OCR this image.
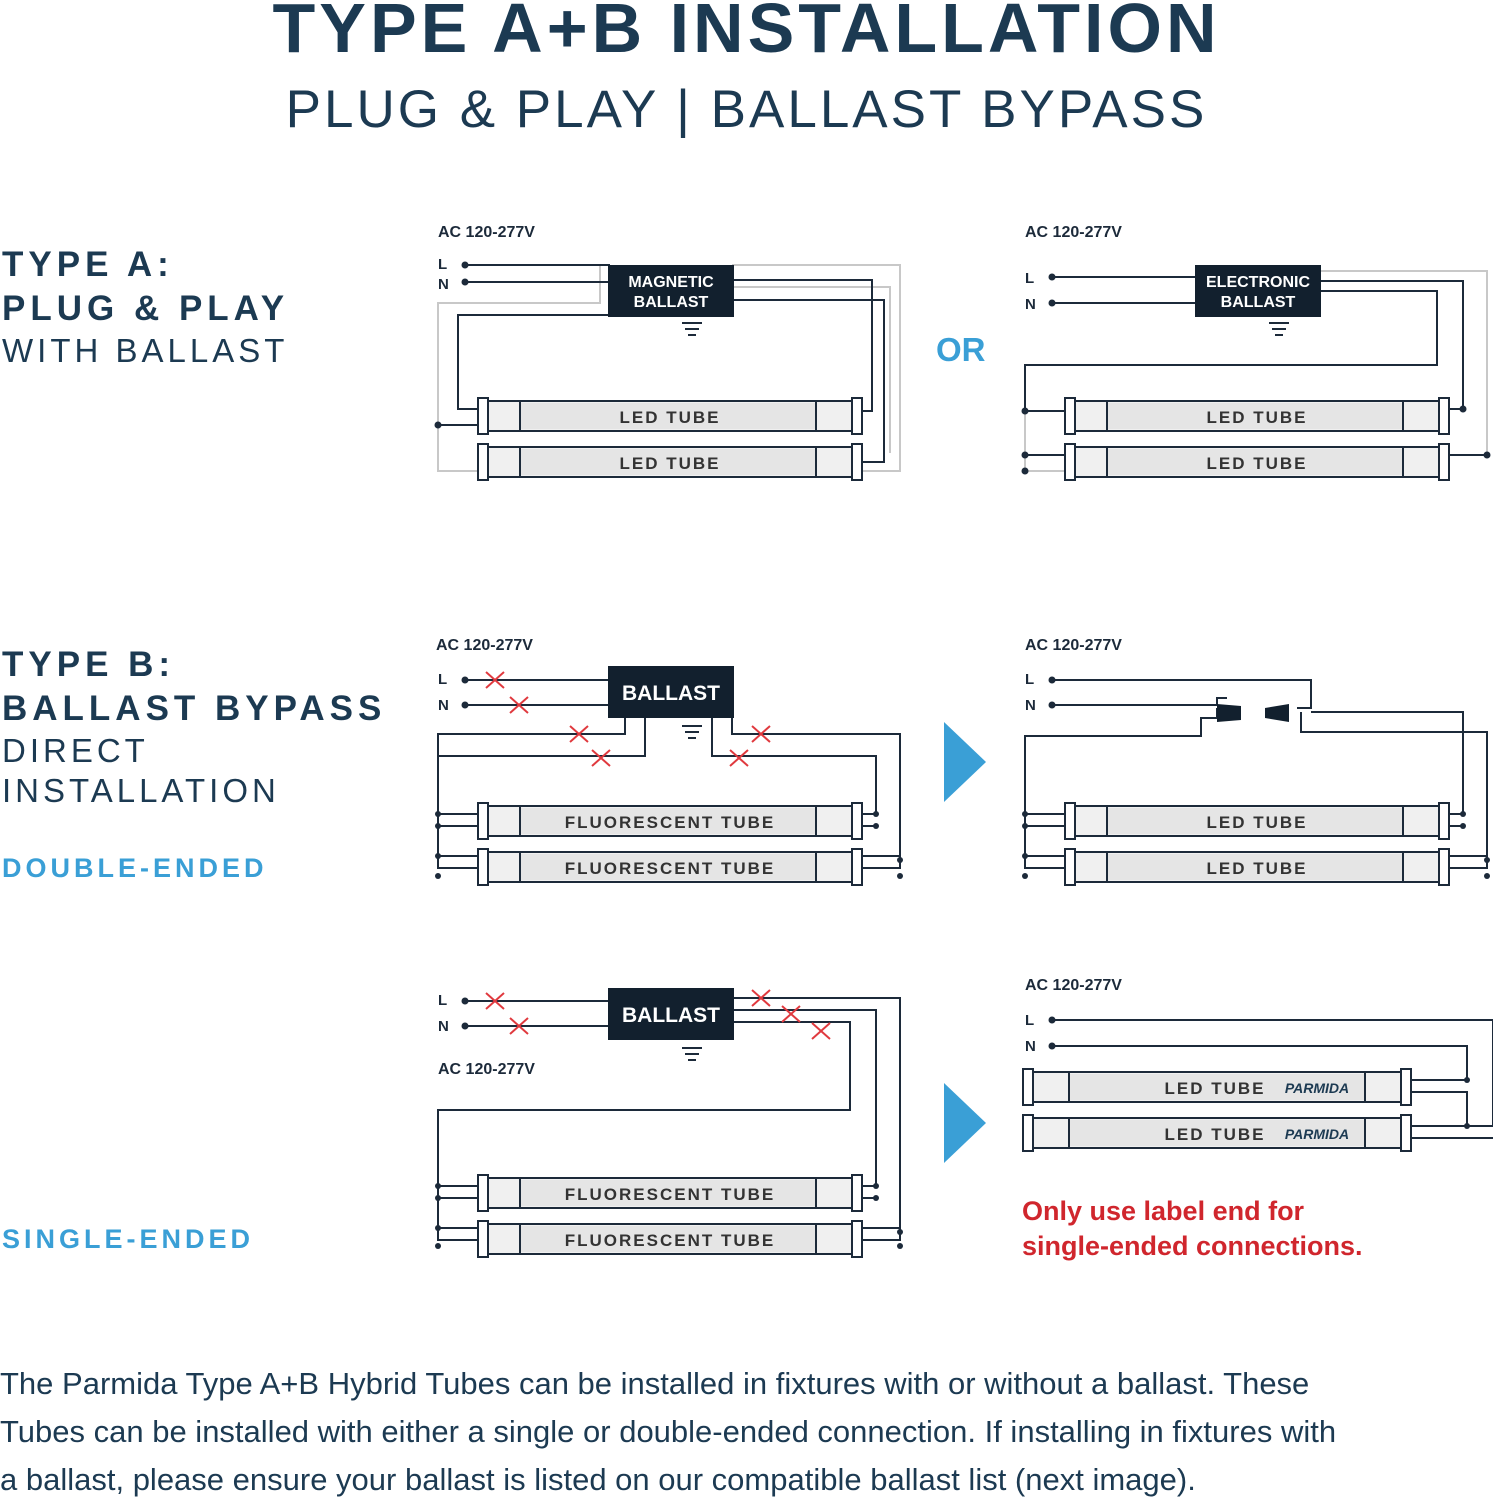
TYPE A+B INSTALLATION
PLUG & PLAY | BALLAST BYPASS
TYPE A:
PLUG & PLAY
WITH BALLAST	OR
TYPE B:
BALLAST BYPASS
DIRECT
INSTALLATION
DOUBLE-ENDED
SINGLE-ENDED
AC 120-277V
L
N	MAGNETIC
BALLAST
LED TUBE
LED TUBE
AC 120-277V
L
N
ELECTRONIC
BALLAST
LED TUBE
LED TUBE
AC 120-277V
L
N
BALLAST
FLUORESCENT TUBE
FLUORESCENT TUBE
AC 120-277V
L
N
LED TUBE
LED TUBE
L
N
AC 120-277V
BALLAST
FLUORESCENT TUBE
FLUORESCENT TUBE
AC 120-277V
L
N
LED TUBE PARMIDA
LED TUBE PARMIDA
Only use label end for
single-ended connections.
The Parmida Type A+B Hybrid Tubes can be installed in fixtures with or without a ballast. These
Tubes can be installed with either a single or double-ended connection. If installing in fixtures with
a ballast, please ensure your ballast is listed on our compatible ballast list (next image).
